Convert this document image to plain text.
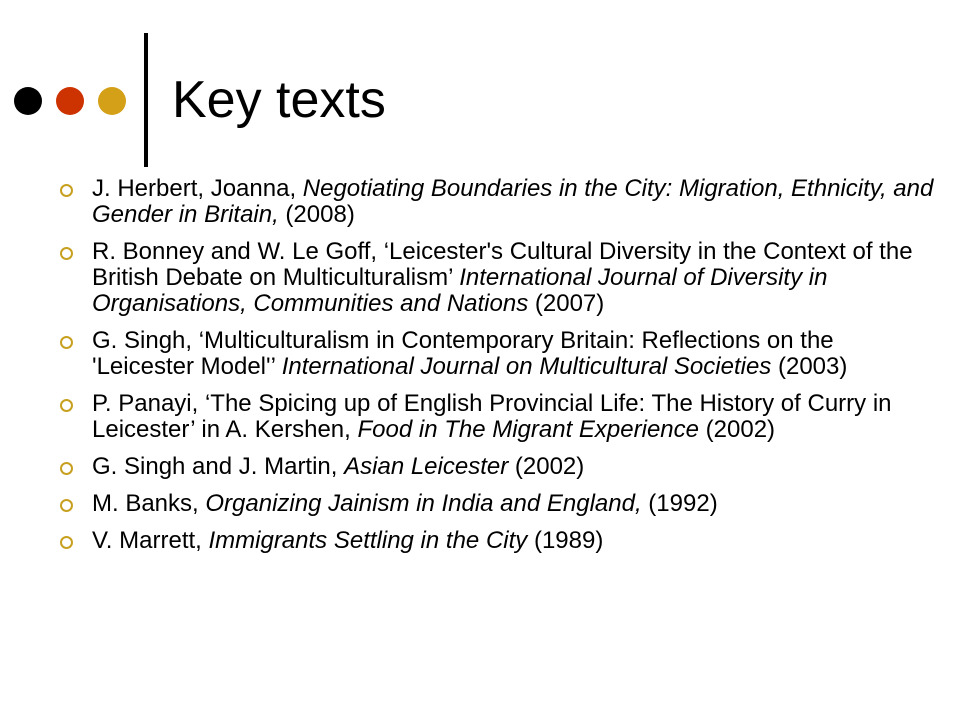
Key texts
J. Herbert, Joanna, Negotiating Boundaries in the City: Migration, Ethnicity, and Gender in Britain, (2008)
R. Bonney and W. Le Goff, ‘Leicester's Cultural Diversity in the Context of the British Debate on Multiculturalism’ International Journal of Diversity in Organisations, Communities and Nations (2007)
G. Singh, ‘Multiculturalism in Contemporary Britain: Reflections on the 'Leicester Model'’ International Journal on Multicultural Societies (2003)
P. Panayi, ‘The Spicing up of English Provincial Life: The History of Curry in Leicester’ in A. Kershen, Food in The Migrant Experience (2002)
G. Singh and J. Martin, Asian Leicester (2002)
M. Banks, Organizing Jainism in India and England, (1992)
V. Marrett, Immigrants Settling in the City (1989)
